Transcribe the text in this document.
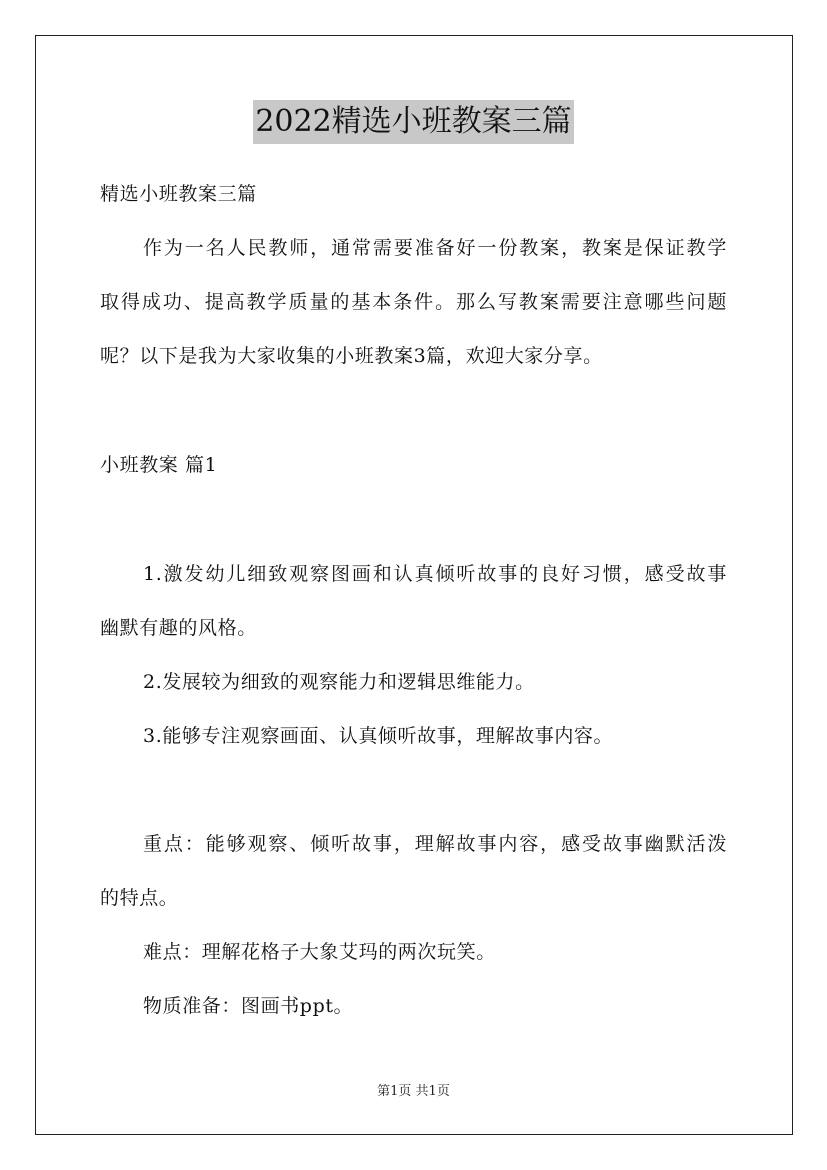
2022精选小班教案三篇
精选小班教案三篇
作为一名人民教师，通常需要准备好一份教案，教案是保证教学
取得成功、提高教学质量的基本条件。那么写教案需要注意哪些问题
呢？以下是我为大家收集的小班教案3篇，欢迎大家分享。
小班教案 篇1
1.激发幼儿细致观察图画和认真倾听故事的良好习惯，感受故事
幽默有趣的风格。
2.发展较为细致的观察能力和逻辑思维能力。
3.能够专注观察画面、认真倾听故事，理解故事内容。
重点：能够观察、倾听故事，理解故事内容，感受故事幽默活泼
的特点。
难点：理解花格子大象艾玛的两次玩笑。
物质准备：图画书ppt。
第1页 共1页
